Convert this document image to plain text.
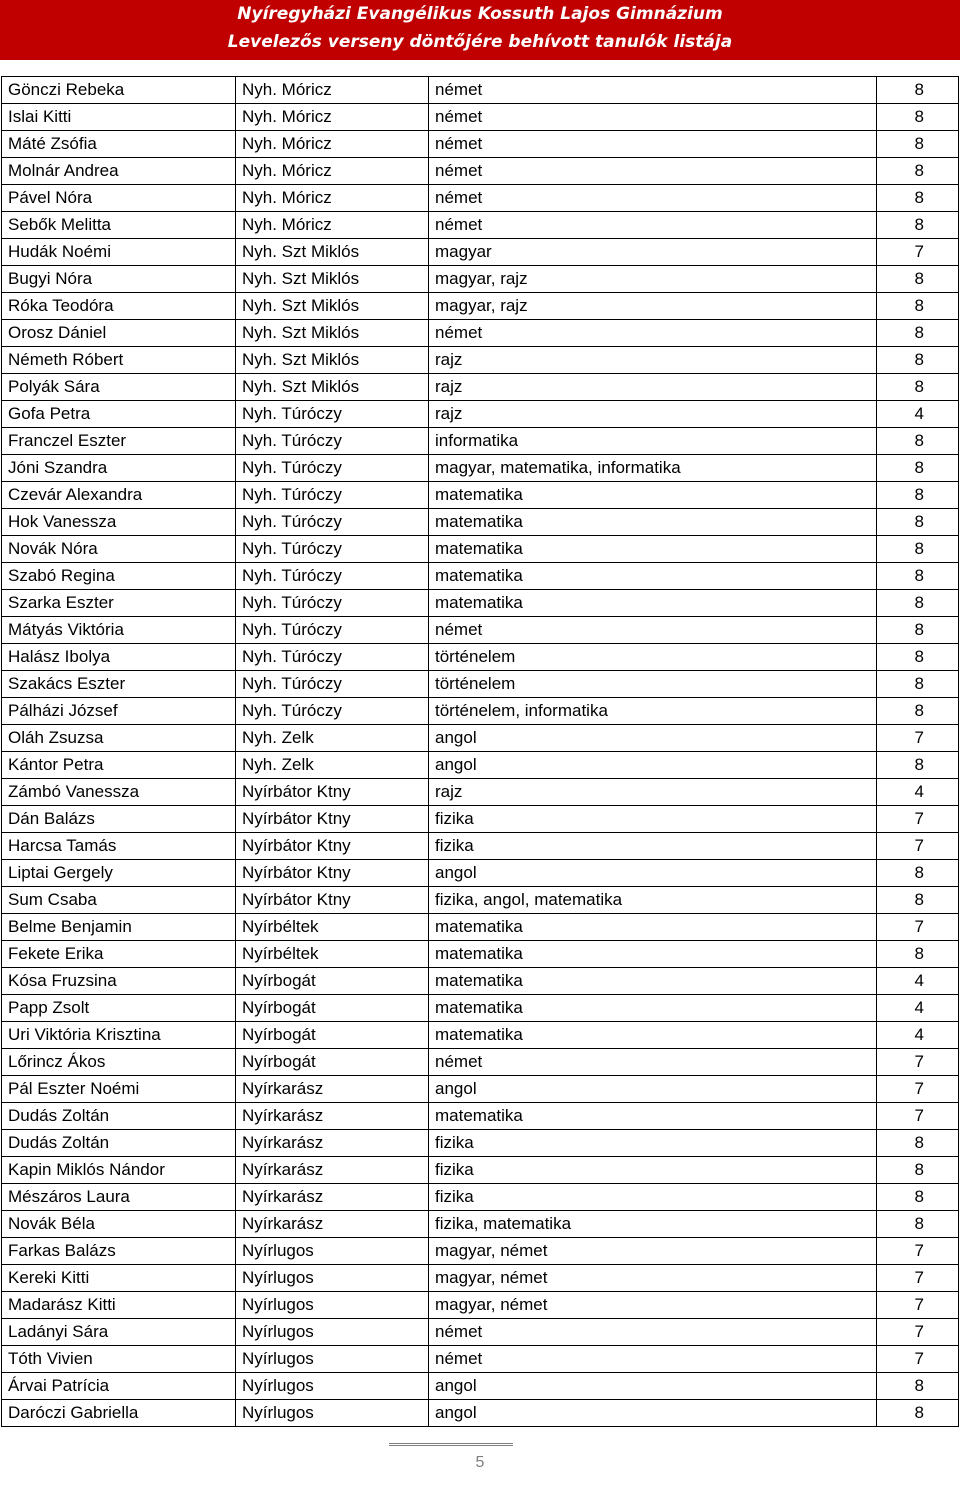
Nyíregyházi Evangélikus Kossuth Lajos Gimnázium
Levelezős verseny döntőjére behívott tanulók listája
Gönczi Rebeka	Nyh. Móricz	német	8
Islai Kitti	Nyh. Móricz	német	8
Máté Zsófia	Nyh. Móricz	német	8
Molnár Andrea	Nyh. Móricz	német	8
Pável Nóra	Nyh. Móricz	német	8
Sebők Melitta	Nyh. Móricz	német	8
Hudák Noémi	Nyh. Szt Miklós	magyar	7
Bugyi Nóra	Nyh. Szt Miklós	magyar, rajz	8
Róka Teodóra	Nyh. Szt Miklós	magyar, rajz	8
Orosz Dániel	Nyh. Szt Miklós	német	8
Németh Róbert	Nyh. Szt Miklós	rajz	8
Polyák Sára	Nyh. Szt Miklós	rajz	8
Gofa Petra	Nyh. Túróczy	rajz	4
Franczel Eszter	Nyh. Túróczy	informatika	8
Jóni Szandra	Nyh. Túróczy	magyar, matematika, informatika	8
Czevár Alexandra	Nyh. Túróczy	matematika	8
Hok Vanessza	Nyh. Túróczy	matematika	8
Novák Nóra	Nyh. Túróczy	matematika	8
Szabó Regina	Nyh. Túróczy	matematika	8
Szarka Eszter	Nyh. Túróczy	matematika	8
Mátyás Viktória	Nyh. Túróczy	német	8
Halász Ibolya	Nyh. Túróczy	történelem	8
Szakács Eszter	Nyh. Túróczy	történelem	8
Pálházi József	Nyh. Túróczy	történelem, informatika	8
Oláh Zsuzsa	Nyh. Zelk	angol	7
Kántor Petra	Nyh. Zelk	angol	8
Zámbó Vanessza	Nyírbátor Ktny	rajz	4
Dán Balázs	Nyírbátor Ktny	fizika	7
Harcsa Tamás	Nyírbátor Ktny	fizika	7
Liptai Gergely	Nyírbátor Ktny	angol	8
Sum Csaba	Nyírbátor Ktny	fizika, angol, matematika	8
Belme Benjamin	Nyírbéltek	matematika	7
Fekete Erika	Nyírbéltek	matematika	8
Kósa Fruzsina	Nyírbogát	matematika	4
Papp Zsolt	Nyírbogát	matematika	4
Uri Viktória Krisztina	Nyírbogát	matematika	4
Lőrincz Ákos	Nyírbogát	német	7
Pál Eszter Noémi	Nyírkarász	angol	7
Dudás Zoltán	Nyírkarász	matematika	7
Dudás Zoltán	Nyírkarász	fizika	8
Kapin Miklós Nándor	Nyírkarász	fizika	8
Mészáros Laura	Nyírkarász	fizika	8
Novák Béla	Nyírkarász	fizika, matematika	8
Farkas Balázs	Nyírlugos	magyar, német	7
Kereki Kitti	Nyírlugos	magyar, német	7
Madarász Kitti	Nyírlugos	magyar, német	7
Ladányi Sára	Nyírlugos	német	7
Tóth Vivien	Nyírlugos	német	7
Árvai Patrícia	Nyírlugos	angol	8
Daróczi Gabriella	Nyírlugos	angol	8
5
